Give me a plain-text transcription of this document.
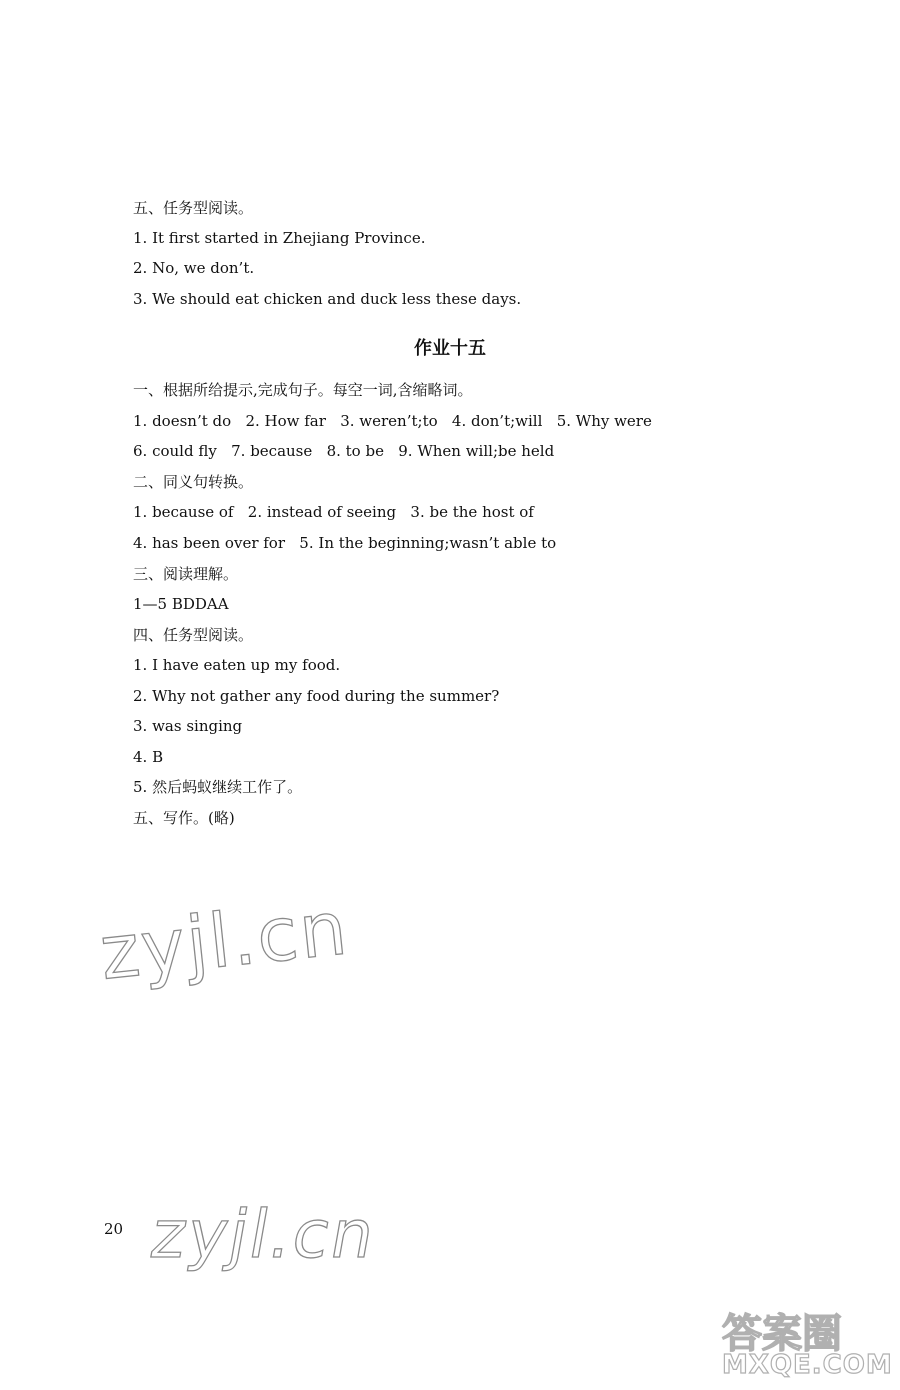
五、任务型阅读。
1. It first started in Zhejiang Province.
2. No, we don’t.
3. We should eat chicken and duck less these days.
作业十五
一、根据所给提示,完成句子。每空一词,含缩略词。
1. doesn’t do   2. How far   3. weren’t;to   4. don’t;will   5. Why were
6. could fly   7. because   8. to be   9. When will;be held
二、同义句转换。
1. because of   2. instead of seeing   3. be the host of
4. has been over for   5. In the beginning;wasn’t able to
三、阅读理解。
1—5 BDDAA
四、任务型阅读。
1. I have eaten up my food.
2. Why not gather any food during the summer?
3. was singing
4. B
5. 然后蚂蚁继续工作了。
五、写作。(略)
zyjl.cn
zyjl.cn
20
答案圈
MXQE.COM
